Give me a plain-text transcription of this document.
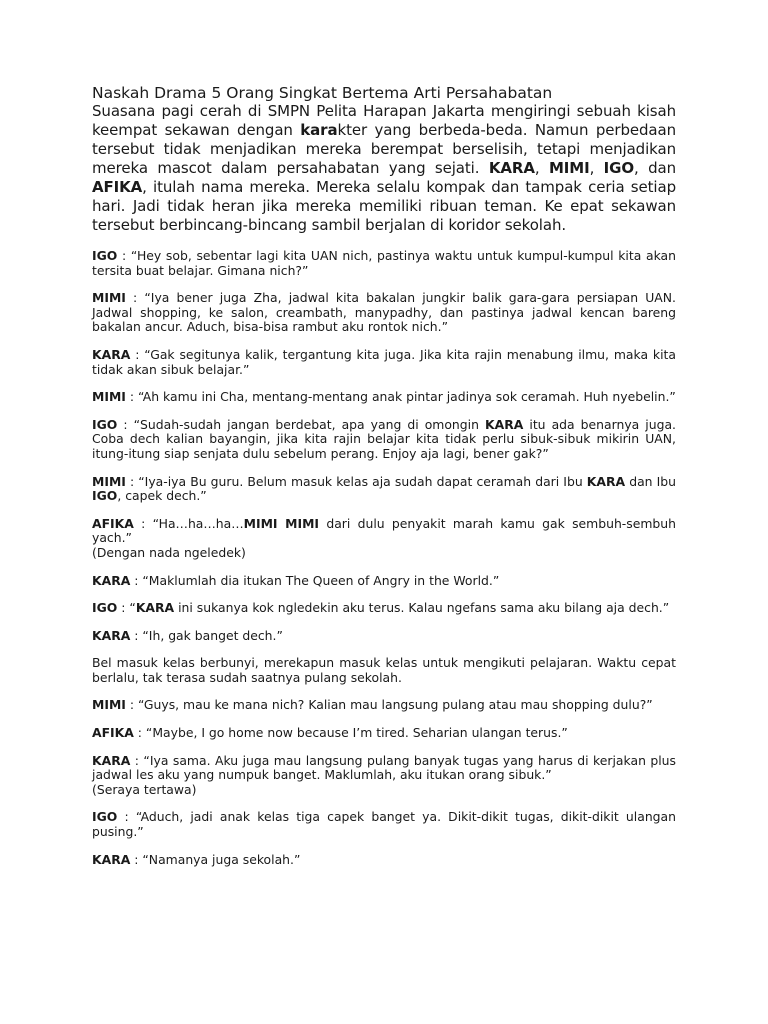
Naskah Drama 5 Orang Singkat Bertema Arti Persahabatan

Suasana pagi cerah di SMPN Pelita Harapan Jakarta mengiringi sebuah kisah keempat sekawan dengan karakter yang berbeda-beda. Namun perbedaan tersebut tidak menjadikan mereka berempat berselisih, tetapi menjadikan mereka mascot dalam persahabatan yang sejati. KARA, MIMI, IGO, dan AFIKA, itulah nama mereka. Mereka selalu kompak dan tampak ceria setiap hari. Jadi tidak heran jika mereka memiliki ribuan teman. Ke epat sekawan tersebut berbincang-bincang sambil berjalan di koridor sekolah.

IGO : “Hey sob, sebentar lagi kita UAN nich, pastinya waktu untuk kumpul-kumpul kita akan tersita buat belajar. Gimana nich?”

MIMI : “Iya bener juga Zha, jadwal kita bakalan jungkir balik gara-gara persiapan UAN. Jadwal shopping, ke salon, creambath, manypadhy, dan pastinya jadwal kencan bareng bakalan ancur. Aduch, bisa-bisa rambut aku rontok nich.”

KARA : “Gak segitunya kalik, tergantung kita juga. Jika kita rajin menabung ilmu, maka kita tidak akan sibuk belajar.”

MIMI : “Ah kamu ini Cha, mentang-mentang anak pintar jadinya sok ceramah. Huh nyebelin.”

IGO : “Sudah-sudah jangan berdebat, apa yang di omongin KARA itu ada benarnya juga. Coba dech kalian bayangin, jika kita rajin belajar kita tidak perlu sibuk-sibuk mikirin UAN, itung-itung siap senjata dulu sebelum perang. Enjoy aja lagi, bener gak?”

MIMI : “Iya-iya Bu guru. Belum masuk kelas aja sudah dapat ceramah dari Ibu KARA dan Ibu IGO, capek dech.”

AFIKA : “Ha…ha…ha…MIMI MIMI dari dulu penyakit marah kamu gak sembuh-sembuh yach.”
(Dengan nada ngeledek)

KARA : “Maklumlah dia itukan The Queen of Angry in the World.”

IGO : “KARA ini sukanya kok ngledekin aku terus. Kalau ngefans sama aku bilang aja dech.”

KARA : “Ih, gak banget dech.”

Bel masuk kelas berbunyi, merekapun masuk kelas untuk mengikuti pelajaran. Waktu cepat berlalu, tak terasa sudah saatnya pulang sekolah.

MIMI : “Guys, mau ke mana nich? Kalian mau langsung pulang atau mau shopping dulu?”

AFIKA : “Maybe, I go home now because I’m tired. Seharian ulangan terus.”

KARA : “Iya sama. Aku juga mau langsung pulang banyak tugas yang harus di kerjakan plus jadwal les aku yang numpuk banget. Maklumlah, aku itukan orang sibuk.”
(Seraya tertawa)

IGO : “Aduch, jadi anak kelas tiga capek banget ya. Dikit-dikit tugas, dikit-dikit ulangan pusing.”

KARA : “Namanya juga sekolah.”
